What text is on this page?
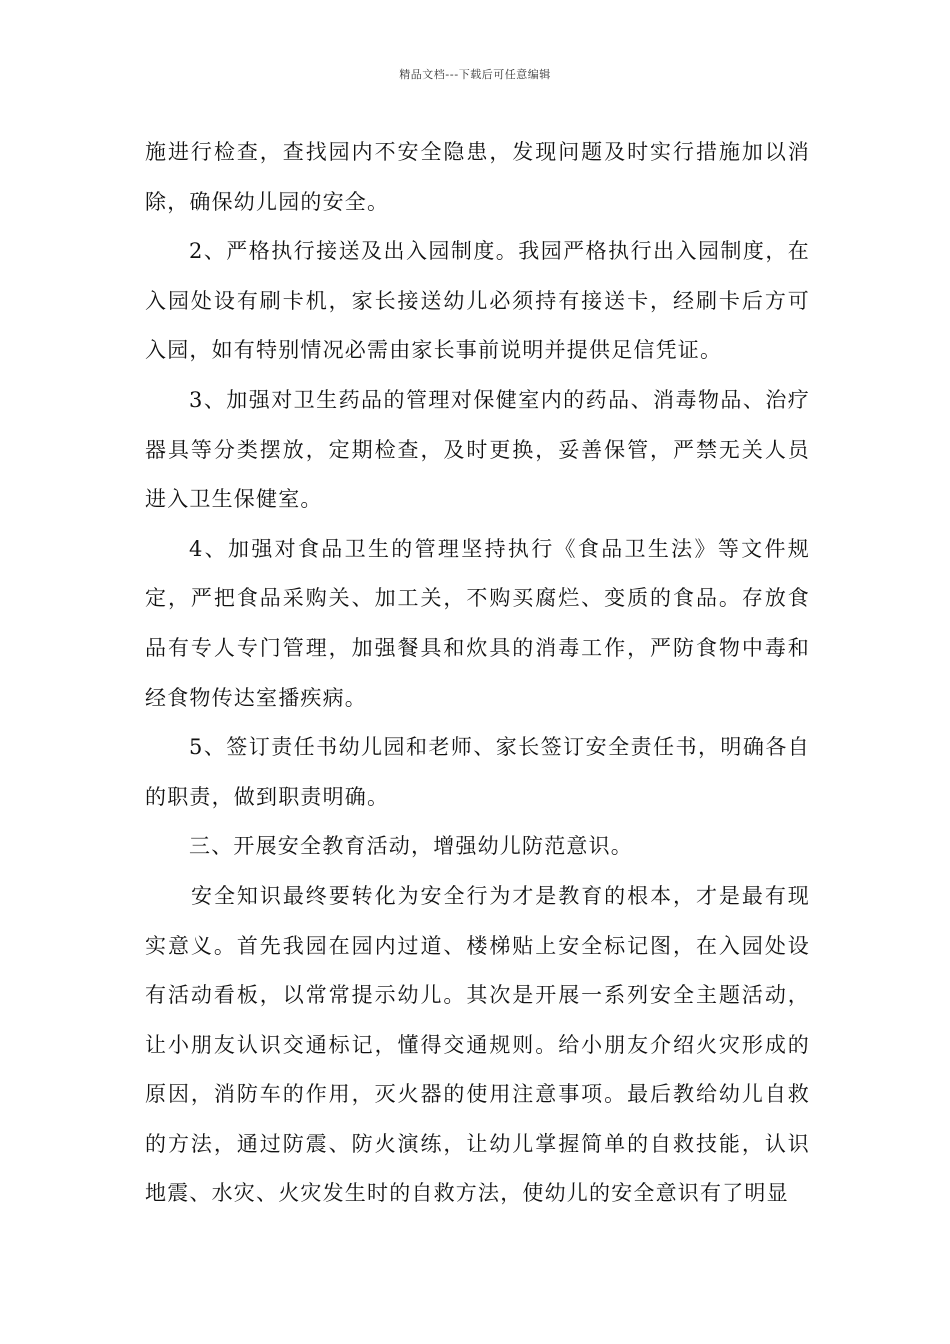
精品文档---下载后可任意编辑

施进行检查，查找园内不安全隐患，发现问题及时实行措施加以消除，确保幼儿园的安全。

2、严格执行接送及出入园制度。我园严格执行出入园制度，在入园处设有刷卡机，家长接送幼儿必须持有接送卡，经刷卡后方可入园，如有特别情况必需由家长事前说明并提供足信凭证。

3、加强对卫生药品的管理对保健室内的药品、消毒物品、治疗器具等分类摆放，定期检查，及时更换，妥善保管，严禁无关人员进入卫生保健室。

4、加强对食品卫生的管理坚持执行《食品卫生法》等文件规定，严把食品采购关、加工关，不购买腐烂、变质的食品。存放食品有专人专门管理，加强餐具和炊具的消毒工作，严防食物中毒和经食物传达室播疾病。

5、签订责任书幼儿园和老师、家长签订安全责任书，明确各自的职责，做到职责明确。

三、开展安全教育活动，增强幼儿防范意识。

安全知识最终要转化为安全行为才是教育的根本，才是最有现实意义。首先我园在园内过道、楼梯贴上安全标记图，在入园处设有活动看板，以常常提示幼儿。其次是开展一系列安全主题活动，让小朋友认识交通标记，懂得交通规则。给小朋友介绍火灾形成的原因，消防车的作用，灭火器的使用注意事项。最后教给幼儿自救的方法，通过防震、防火演练，让幼儿掌握简单的自救技能，认识地震、水灾、火灾发生时的自救方法，使幼儿的安全意识有了明显
